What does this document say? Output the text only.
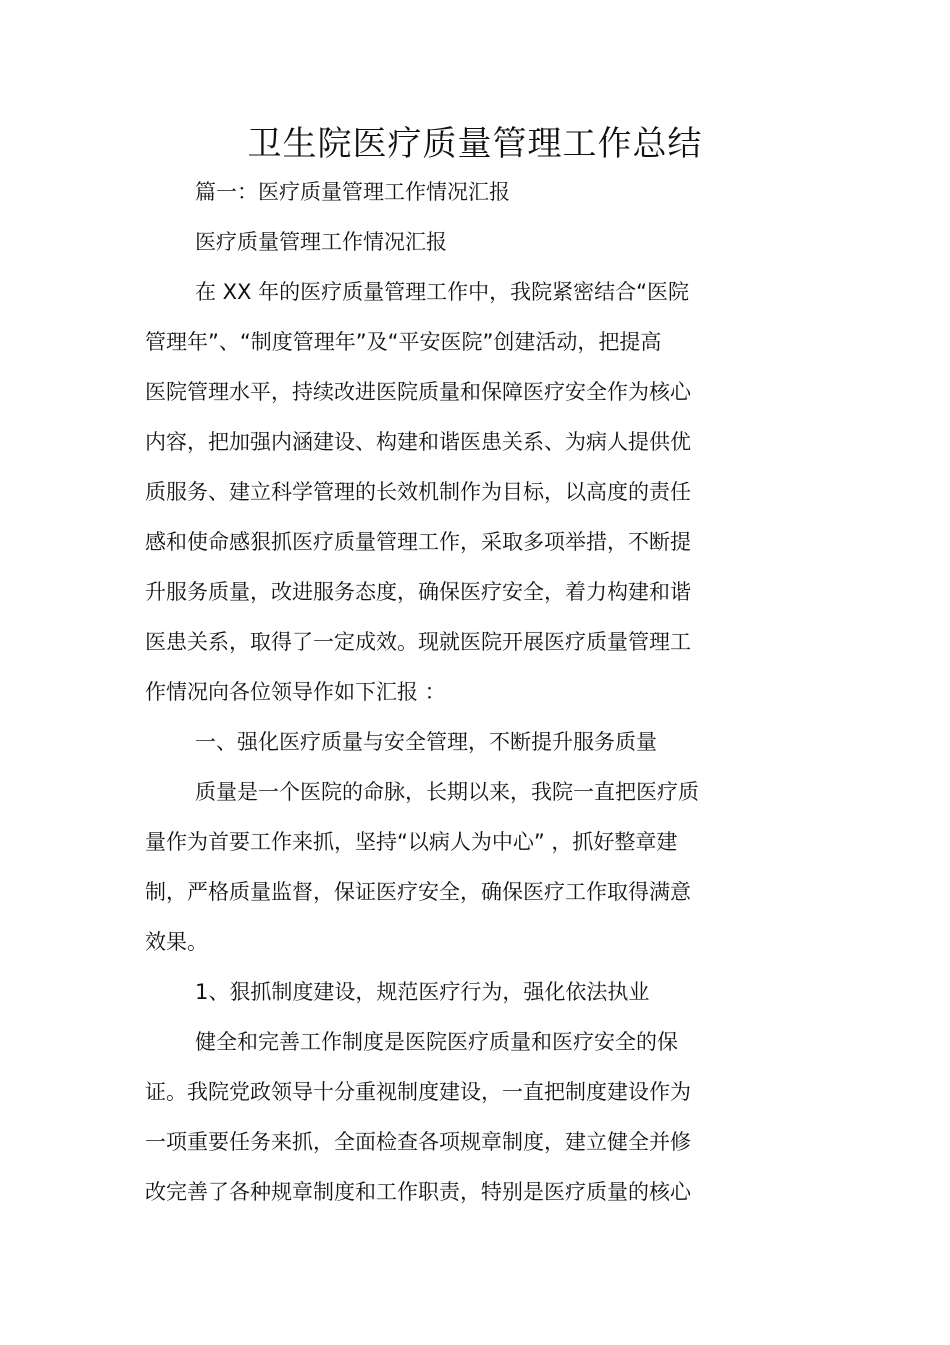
卫生院医疗质量管理工作总结
篇一：医疗质量管理工作情况汇报
医疗质量管理工作情况汇报
在 XX 年的医疗质量管理工作中，我院紧密结合“医院
管理年”、“制度管理年”及“平安医院”创建活动，把提高
医院管理水平，持续改进医院质量和保障医疗安全作为核心
内容，把加强内涵建设、构建和谐医患关系、为病人提供优
质服务、建立科学管理的长效机制作为目标，以高度的责任
感和使命感狠抓医疗质量管理工作，采取多项举措，不断提
升服务质量，改进服务态度，确保医疗安全，着力构建和谐
医患关系，取得了一定成效。现就医院开展医疗质量管理工
作情况向各位领导作如下汇报 ：
一、强化医疗质量与安全管理，不断提升服务质量
质量是一个医院的命脉，长期以来，我院一直把医疗质
量作为首要工作来抓，坚持“以病人为中心” ，抓好整章建
制，严格质量监督，保证医疗安全，确保医疗工作取得满意
效果。
1、狠抓制度建设，规范医疗行为，强化依法执业
健全和完善工作制度是医院医疗质量和医疗安全的保
证。我院党政领导十分重视制度建设，一直把制度建设作为
一项重要任务来抓，全面检查各项规章制度，建立健全并修
改完善了各种规章制度和工作职责，特别是医疗质量的核心
